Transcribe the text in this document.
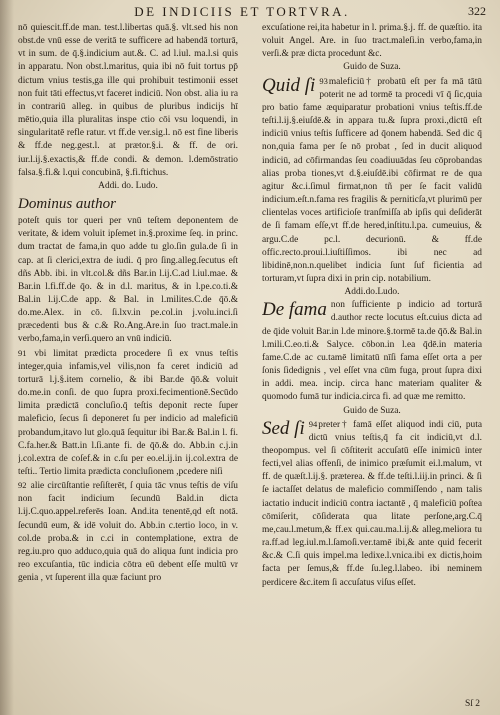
DE INDICIIS ET TORTVRA.	322

nō quiescit.ff.de man. test.l.libertas quā.§. vlt.sed his non obst.de vnū esse de veritā te sufficere ad habendā torturā, vt in sum. de q̄.§.indicium aut.&. C. ad l.iul. ma.l.si quis in apparatu. Non obst.l.maritus, quia ibi nō fuit tortus pp̄ dictum vnius testis,ga ille qui prohibuit testimonii esset non fuit tāti effectus,vt faceret indiciū. Non obst. alia iu ra in contrariū alleg. in quibus de pluribus indicijs hī mētio,quia illa pluralitas inspe ctio cōi vsu loquendi, in singularitatē refle ratur. vt ff.de ver.sig.l. nō est fine liberis & ff.de neg.gest.l. at prætor.§.i. & ff. de ori. iur.l.ij.§.exactis,& ff.de condi. & demon. l.demōstratio falsa.§.fi.& l.qui concubinā, §.fi.ftichus.

Addi. do. Ludo.

Dominus author

poteſt quis tor queri per vnū teſtem deponentem de veritate, & idem voluit ipſemet in.§.proxime ſeq. in princ. dum tractat de fama,in quo adde tu glo.ſin gula.de ſi in cap. at ſi clerici,extra de iudi. q̄ pro ſing.alleg.ſecutus eſt dñs Abb. ibi. in vlt.col.& dñs Bar.in l.ij.C.ad l.iul.mae. & Bar.in l.fi.ff.de q̄o. & in d.l. maritus, & in l.pe.co.ti.& Bal.in l.ij.C.de app. & Bal. in l.milites.C.de q̄ō.& do.me.Alex. in cō. ſi.lxv.in pe.col.in j.volu.inci.ſi præcedenti bus & c.& Ro.Ang.Are.in ſuo tract.male.in verbo,fama,in verſi.quero an vnū indiciū.

91 vbi limitat prædicta procedere ſi ex vnus teſtis integer,quia infamis,vel vilis,non fa ceret indiciū ad torturā l.j.§.item cornelio, & ibi Bar.de q̄ō.& voluit do.me.in conſi. de quo ſupra proxi.fecimentionē.Secūdo limita prædictā concluſio.q̄ teſtis deponit recte ſuper maleficio, ſecus ſi deponeret ſu per indicio ad maleficiū probandum,itavo lut glo.quā ſequitur ibi Bar.& Bal.in l. fi. C.fa.her.& Batt.in l.ſi.ante fi. de q̄ō.& do. Abb.in c.j.in j.col.extra de coſef.& in c.ſu per eo.el.ij.in ij.col.extra de teſti.. Tertio limita prædicta concluſionem ,pcedere niſi

92 alie circūſtantie reſiſterēt, ſ quia tāc vnus teſtis de viſu non facit indicium ſecundū Bald.in dicta l.ij.C.quo.appel.referēs Ioan. And.ita tenentē,qd eſt notā. ſecundū eum, & idē voluit do. Abb.in c.tertio loco, in v. col.de proba.& in c.ci in contemplatione, extra de reg.iu.pro quo adduco,quia quā do aliqua ſunt indicia pro reo excuſantia, tūc indicia cōtra eū debent eſſe multū vr genia , vt ſuperent illa quæ faciunt pro

excuſatione rei,ita habetur in l. prima.§.j. ff. de quæſtio. ita voluit Angel. Are. in ſuo tract.maleſi.in verbo,fama,in verſi.& præ dicta procedunt &c.

Guido de Suza.

93
Quid ſi maleficiū† probatū eſt per fa mā tātū poterit ne ad tormē ta procedi vī q̄ ſic,quia pro batio fame æquiparatur probationi vnius teſtis.ff.de teſti.l.ij.§.eiuſdē.& in appara tu.& ſupra proxi.,dictū eſt indiciū vnius teſtis ſufficere ad q̄onem habendā. Sed dic q̄ non,quia fama per ſe nō probat , ſed in ducit aliquod indiciū, ad cōfirmandas ſeu coadiuuādas ſeu cōprobandas alias proba tiones,vt d.§.eiuſdē.ibi cōfirmat re de qua agitur &c.i.ſimul firmat,non tñ per ſe facit validū indicium.eſt.n.fama res fragilis & perniticſa,vt plurimū per clientelas voces artificioſe tranſmiſſa ab ipſis qui deſiderāt de ſi famam eſſe,vt ff.de hered,inſtitu.l.pa. cumeuius, & argu.C.de pc.l. decurionū. & ff.de offic.recto.proui.l.iuſtiſſimos. ibi nec ad libidinē,non.n.quelibet indicia ſunt ſuf ficientia ad torturam,vt ſupra dixi in prin cip. notabilium.

Addi.do.Ludo.

De fama non ſufficiente p indicio ad torturā d.author recte locutus eſt.cuius dicta ad de q̄ide voluit Bar.in l.de minore.§.tormē ta.de q̄ō.& Bal.in l.mili.C.eo.ti.& Salyce. cōbon.in l.ea q̄dē.in materia fame.C.de ac cu.tamē limitatū nīſi fama eſſet orta a per ſonis ſidedignis , vel eſſet vna cūm fuga, prout ſupra dixi in addi. mea. incip. circa hanc materiam qualiter & quomodo fumā tur indicia.circa fi. ad quæ me remitto.

Guido de Suza.

94
Sed ſi preter† famā eſſet aliquod indi ciū, puta dictū vnius teſtis,q̄ fa cit indiciū,vt d.l. theopompus. vel ſi cōſtiterit accuſatū eſſe inimicū inter fecti,vel alias offenſi, de inimico præſumit ei.l.malum, vt ff. de quæſt.l.ij.§. præterea. & ff.de teſti.l.iij.in princi. & ſi ſe iactaſſet delatus de maleficio commiſſendo , nam talis iactatio inducit indiciū contra iactantē , q̄ maleficiū poſtea cōmiſerit, cōſiderata qua litate perſone,arg.C.q̄ me,cau.l.metum,& ff.ex qui.cau.ma.l.ij.& alleg.meliora tu ra.ff.ad leg.iul.m.l.ſamoſi.ver.tamē ibi,& ante quid fecerit &c.& C.ſi quis impel.ma ledixe.l.vnica.ibi ex dictis,hoim facta per ſemus,& ff.de ſu.leg.l.labeo. ibi neminem perdicere &c.item ſi accuſatus viſus eſſet.

Sſ 2
